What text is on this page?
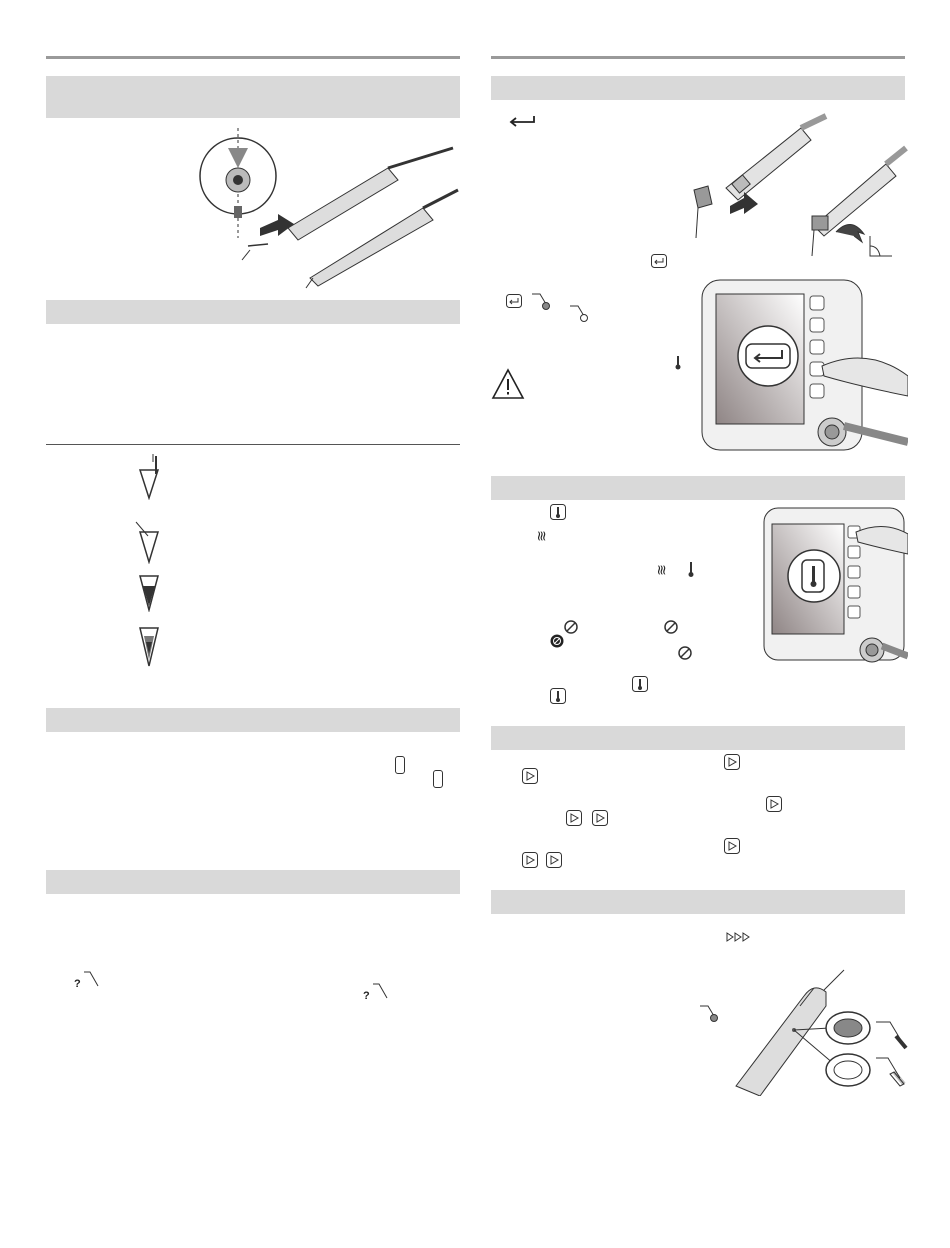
?
?
≋
≋
